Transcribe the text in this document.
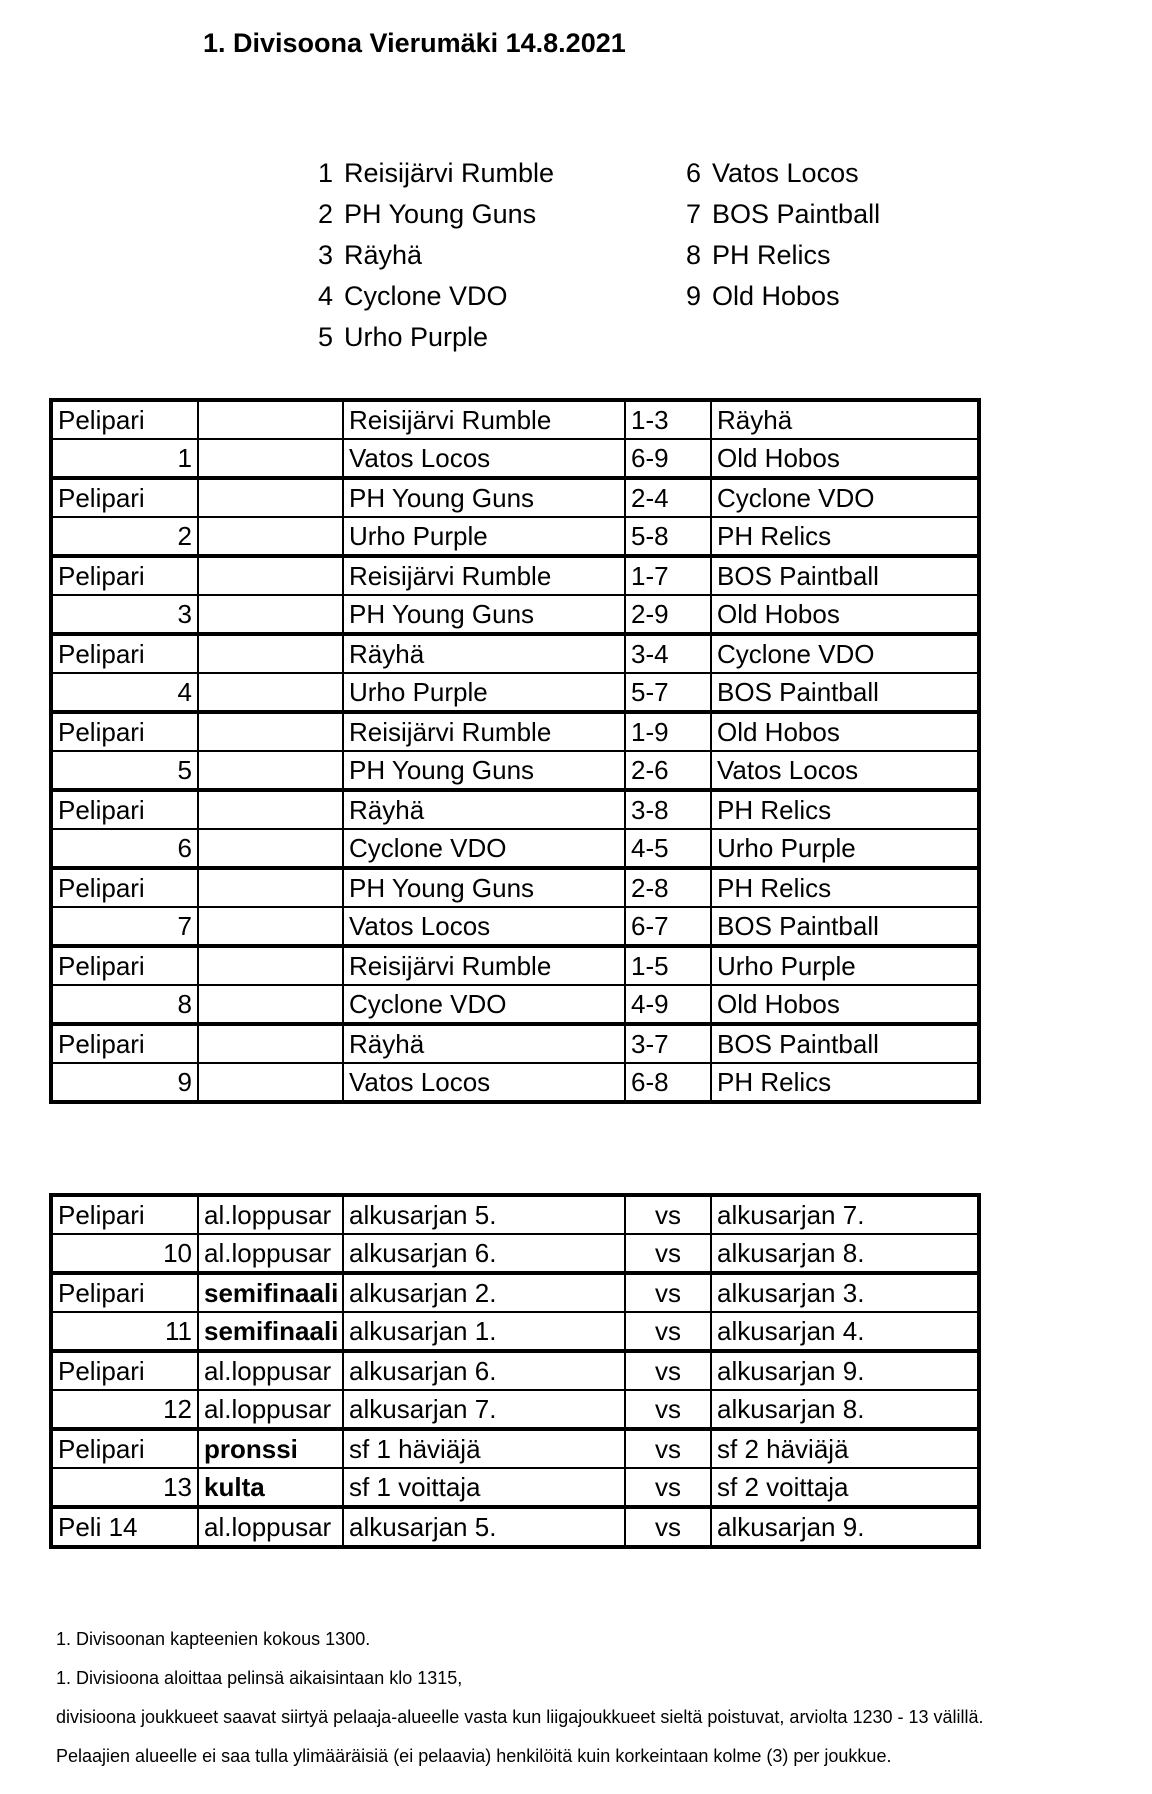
1. Divisoona Vierumäki 14.8.2021
1 Reisijärvi Rumble
2 PH Young Guns
3 Räyhä
4 Cyclone VDO
5 Urho Purple
6 Vatos Locos
7 BOS Paintball
8 PH Relics
9 Old Hobos
Pelipari		Reisijärvi Rumble	1-3	Räyhä
1		Vatos Locos	6-9	Old Hobos
Pelipari		PH Young Guns	2-4	Cyclone VDO
2		Urho Purple	5-8	PH Relics
Pelipari		Reisijärvi Rumble	1-7	BOS Paintball
3		PH Young Guns	2-9	Old Hobos
Pelipari		Räyhä	3-4	Cyclone VDO
4		Urho Purple	5-7	BOS Paintball
Pelipari		Reisijärvi Rumble	1-9	Old Hobos
5		PH Young Guns	2-6	Vatos Locos
Pelipari		Räyhä	3-8	PH Relics
6		Cyclone VDO	4-5	Urho Purple
Pelipari		PH Young Guns	2-8	PH Relics
7		Vatos Locos	6-7	BOS Paintball
Pelipari		Reisijärvi Rumble	1-5	Urho Purple
8		Cyclone VDO	4-9	Old Hobos
Pelipari		Räyhä	3-7	BOS Paintball
9		Vatos Locos	6-8	PH Relics
Pelipari	al.loppusar	alkusarjan 5.	vs	alkusarjan 7.
10	al.loppusar	alkusarjan 6.	vs	alkusarjan 8.
Pelipari	semifinaali	alkusarjan 2.	vs	alkusarjan 3.
11	semifinaali	alkusarjan 1.	vs	alkusarjan 4.
Pelipari	al.loppusar	alkusarjan 6.	vs	alkusarjan 9.
12	al.loppusar	alkusarjan 7.	vs	alkusarjan 8.
Pelipari	pronssi	sf 1 häviäjä	vs	sf 2 häviäjä
13	kulta	sf 1 voittaja	vs	sf 2 voittaja
Peli 14	al.loppusar	alkusarjan 5.	vs	alkusarjan 9.
1. Divisoonan kapteenien kokous 1300.
1. Divisioona aloittaa pelinsä aikaisintaan klo 1315,
divisioona joukkueet saavat siirtyä pelaaja-alueelle vasta kun liigajoukkueet sieltä poistuvat, arviolta 1230 - 13 välillä.
Pelaajien alueelle ei saa tulla ylimääräisiä (ei pelaavia) henkilöitä kuin korkeintaan kolme (3) per joukkue.
